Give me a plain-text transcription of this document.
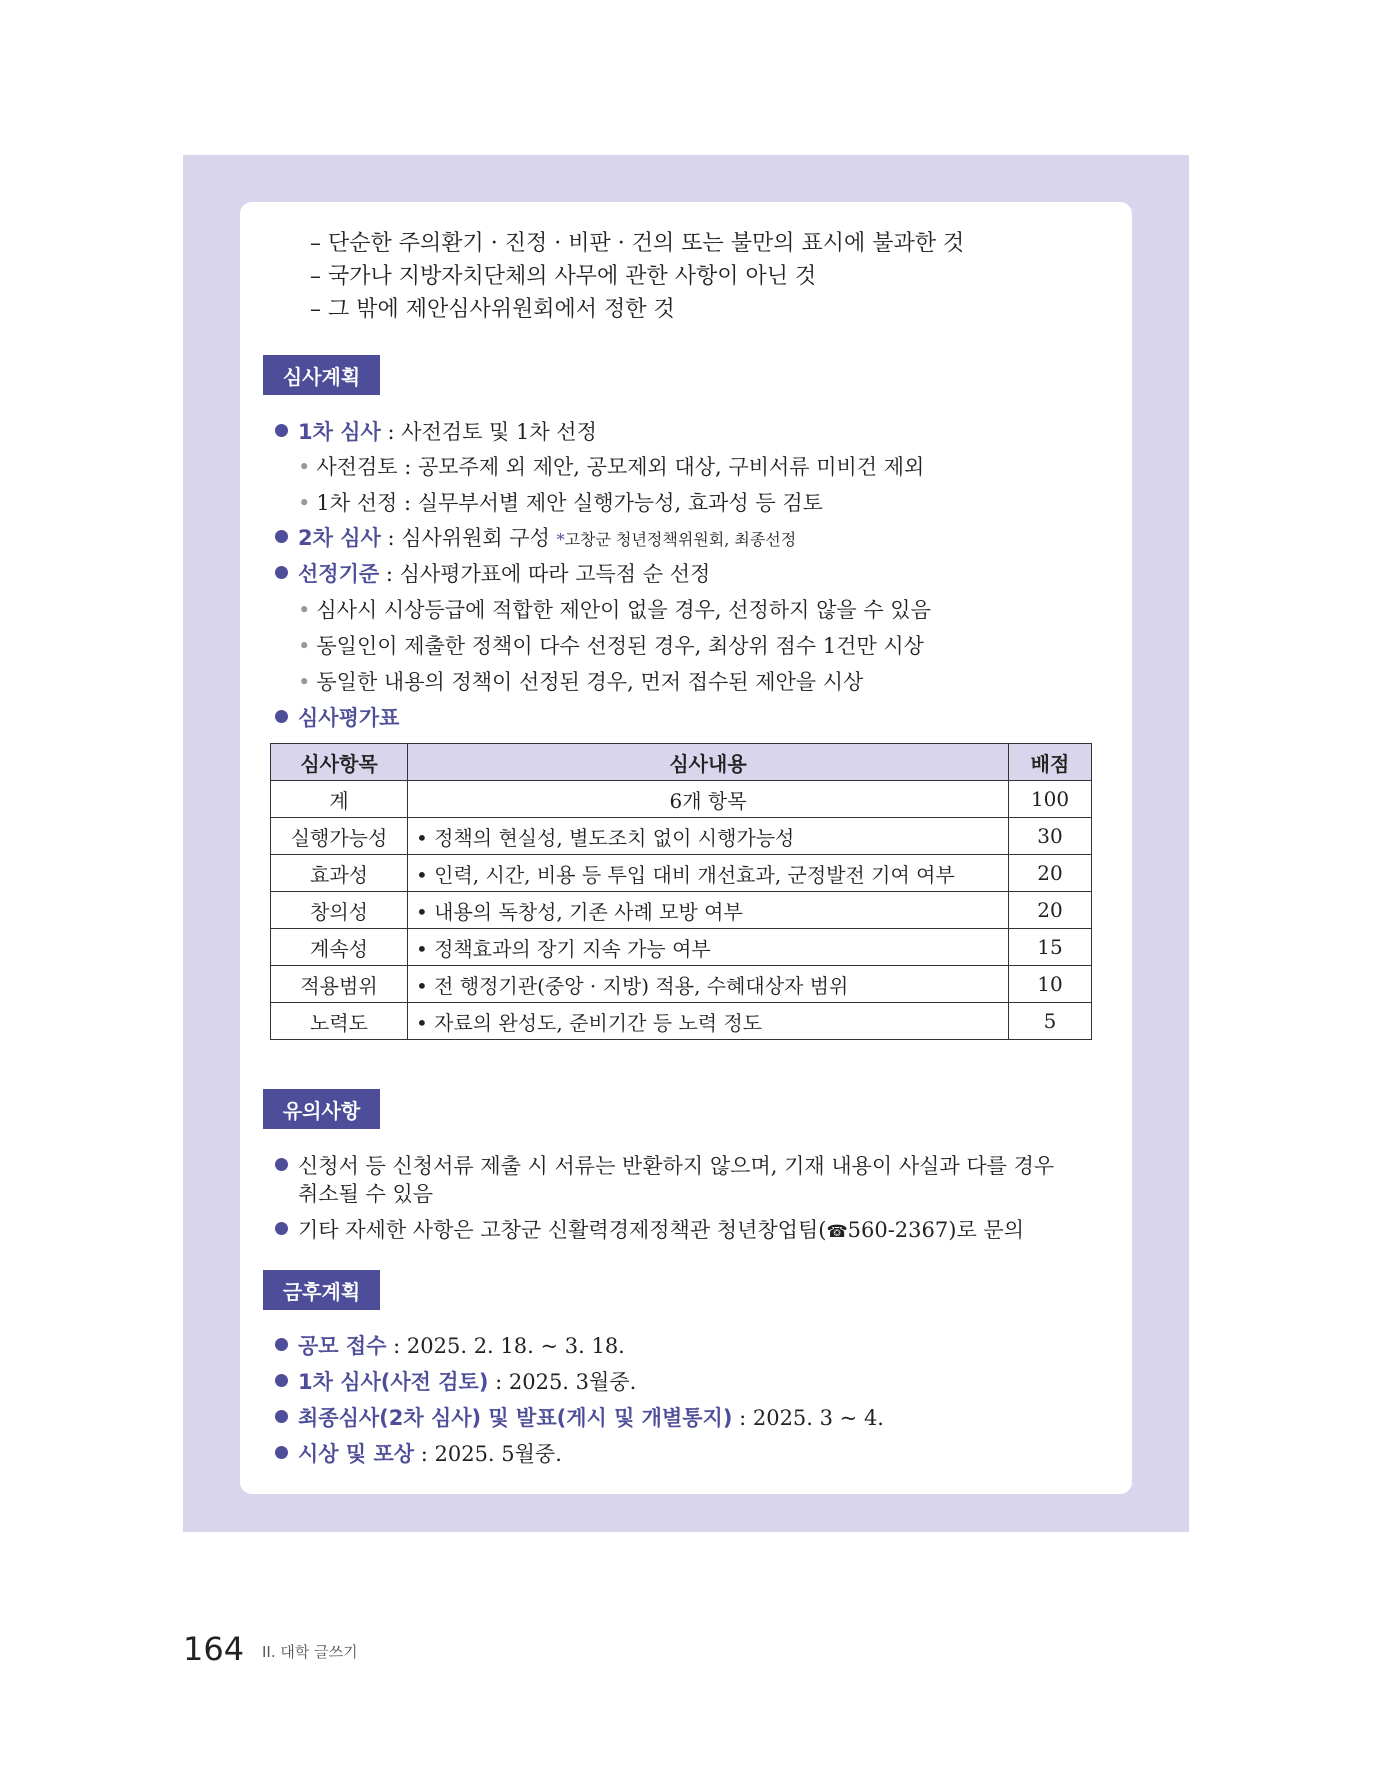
– 단순한 주의환기 · 진정 · 비판 · 건의 또는 불만의 표시에 불과한 것
– 국가나 지방자치단체의 사무에 관한 사항이 아닌 것
– 그 밖에 제안심사위원회에서 정한 것
심사계획
1차 심사 : 사전검토 및 1차 선정
• 사전검토 : 공모주제 외 제안, 공모제외 대상, 구비서류 미비건 제외
• 1차 선정 : 실무부서별 제안 실행가능성, 효과성 등 검토
2차 심사 : 심사위원회 구성 *고창군 청년정책위원회, 최종선정
선정기준 : 심사평가표에 따라 고득점 순 선정
• 심사시 시상등급에 적합한 제안이 없을 경우, 선정하지 않을 수 있음
• 동일인이 제출한 정책이 다수 선정된 경우, 최상위 점수 1건만 시상
• 동일한 내용의 정책이 선정된 경우, 먼저 접수된 제안을 시상
심사평가표
심사항목	심사내용	배점
계	6개 항목	100
실행가능성	• 정책의 현실성, 별도조치 없이 시행가능성	30
효과성	• 인력, 시간, 비용 등 투입 대비 개선효과, 군정발전 기여 여부	20
창의성	• 내용의 독창성, 기존 사례 모방 여부	20
계속성	• 정책효과의 장기 지속 가능 여부	15
적용범위	• 전 행정기관(중앙 · 지방) 적용, 수혜대상자 범위	10
노력도	• 자료의 완성도, 준비기간 등 노력 정도	5
유의사항
신청서 등 신청서류 제출 시 서류는 반환하지 않으며, 기재 내용이 사실과 다를 경우
취소될 수 있음
기타 자세한 사항은 고창군 신활력경제정책관 청년창업팀(☎560-2367)로 문의
금후계획
공모 접수 : 2025. 2. 18. ~ 3. 18.
1차 심사(사전 검토) : 2025. 3월중.
최종심사(2차 심사) 및 발표(게시 및 개별통지) : 2025. 3 ~ 4.
시상 및 포상 : 2025. 5월중.
164 II. 대학 글쓰기
